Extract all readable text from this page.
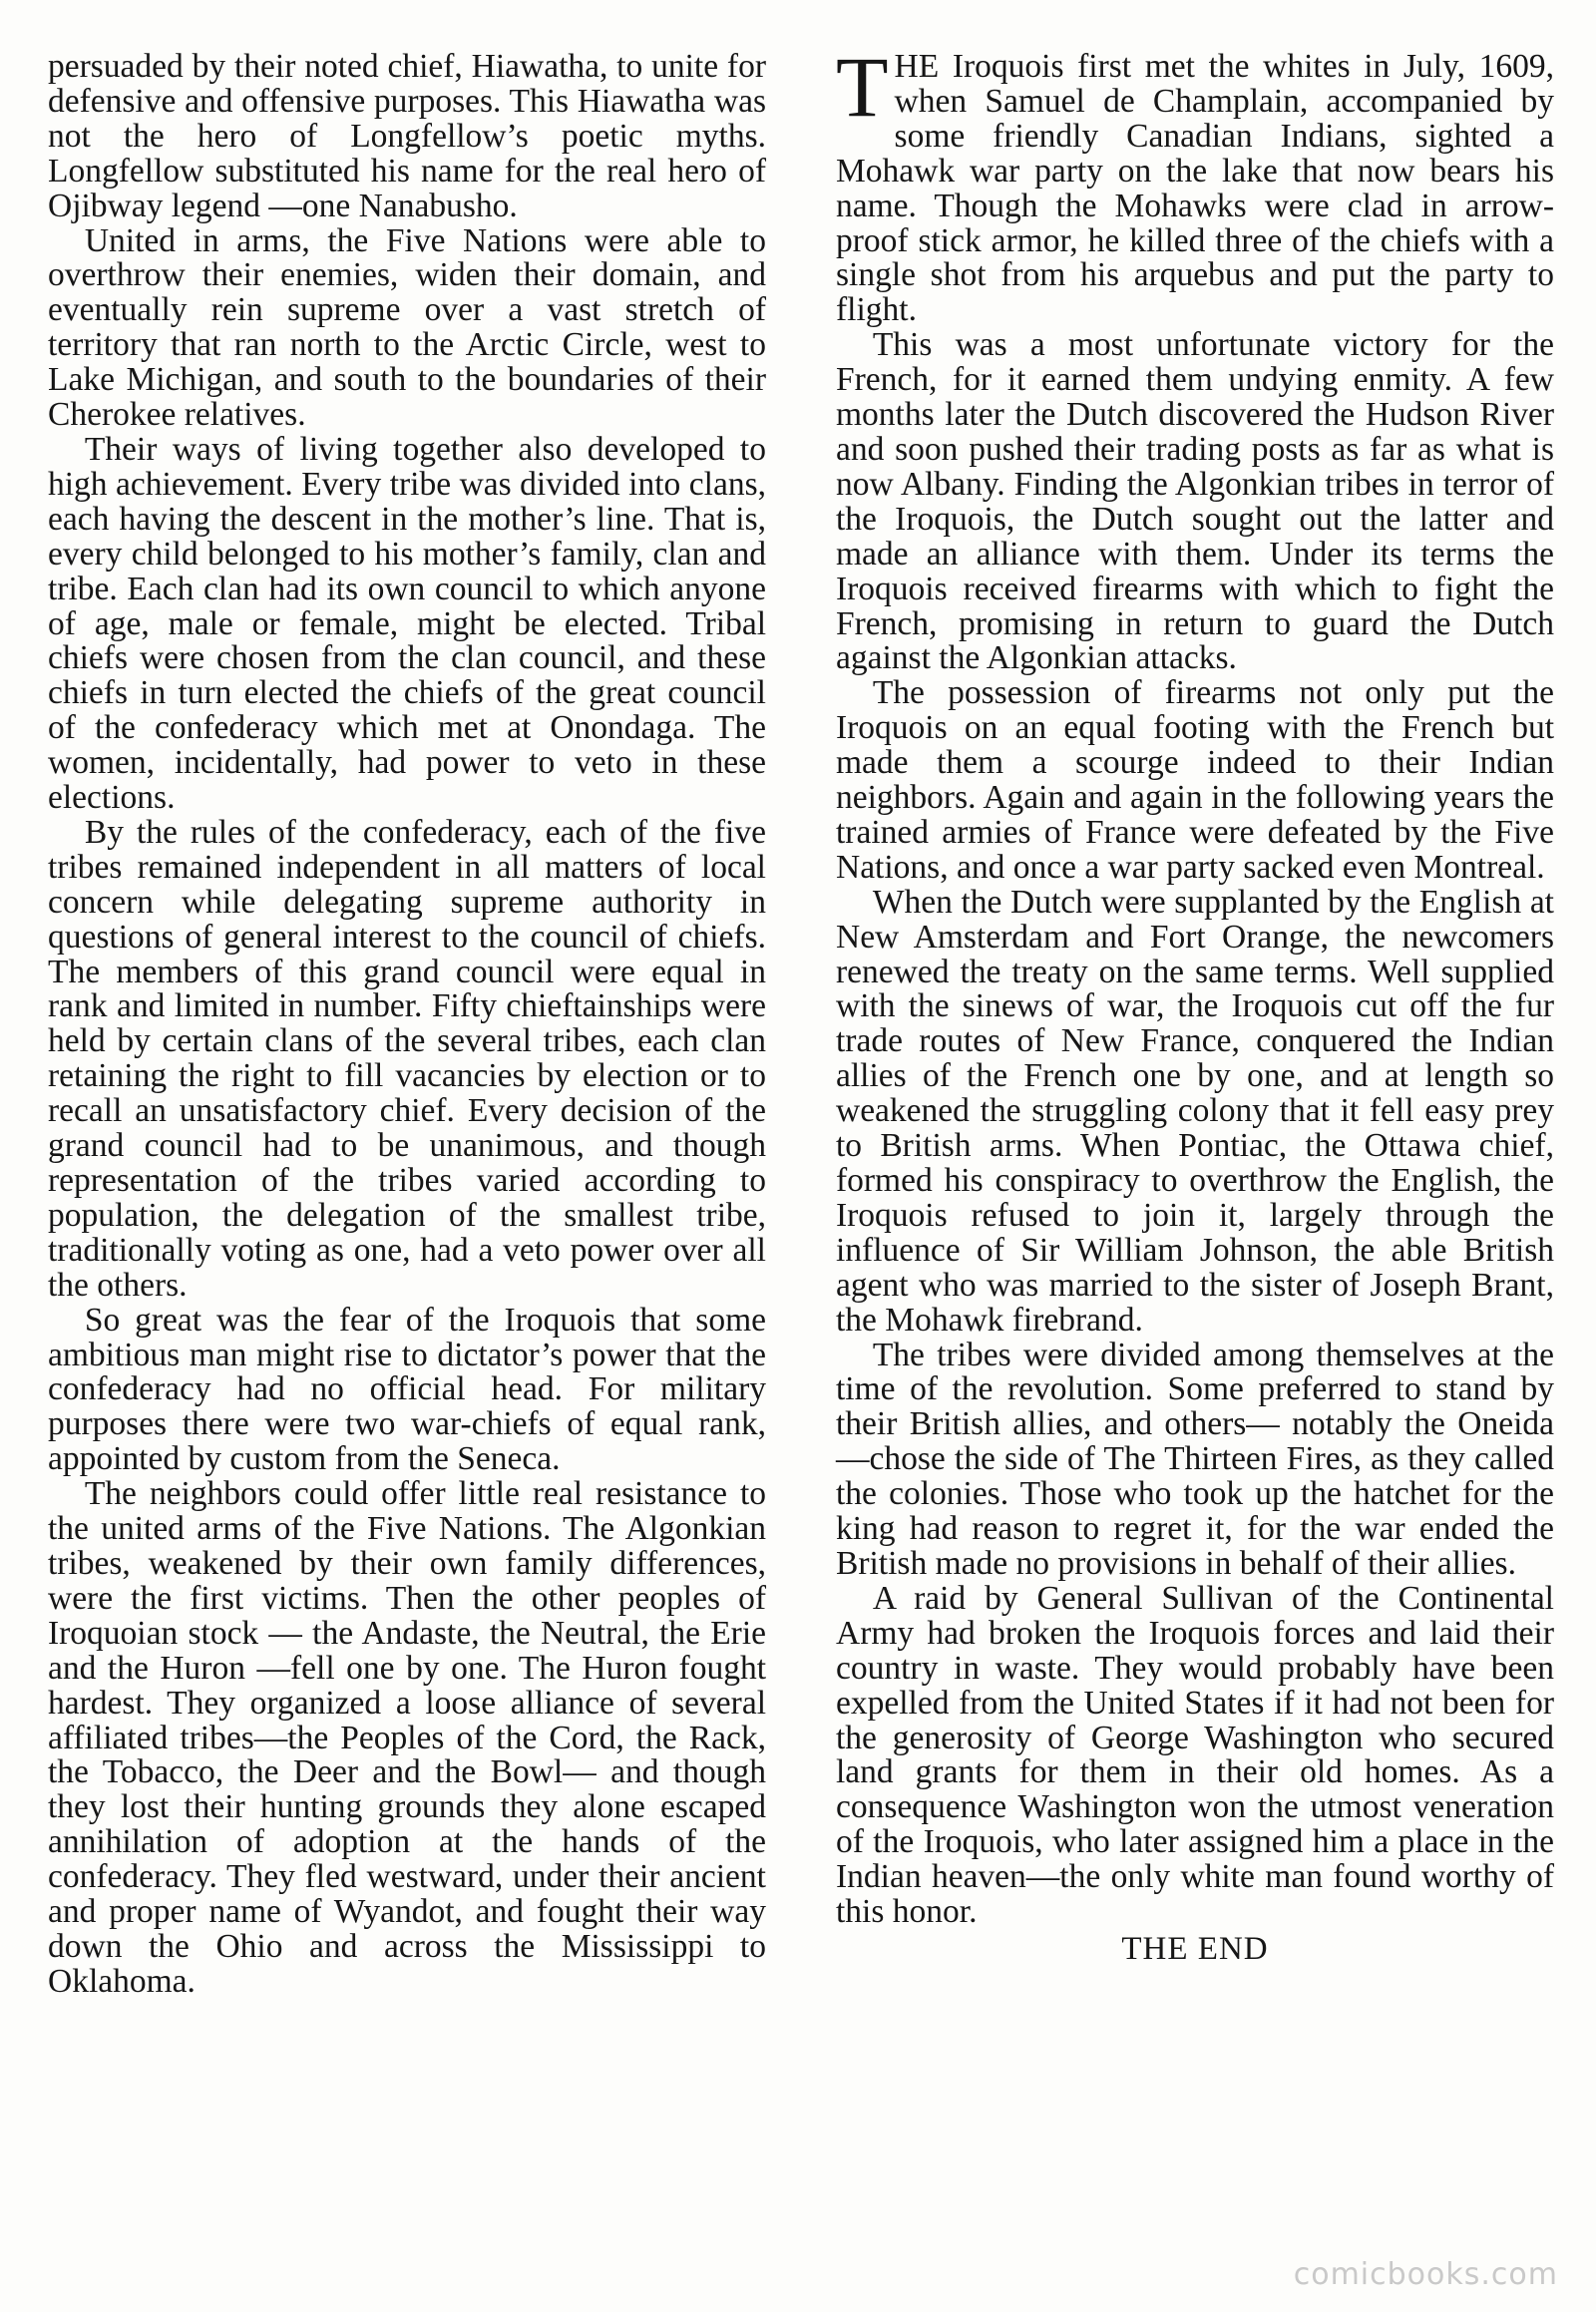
persuaded by their noted chief, Hiawatha, to unite for defensive and offensive purposes. This Hiawatha was not the hero of Longfellow’s poetic myths. Longfellow substituted his name for the real hero of Ojibway legend —one Nanabusho.

United in arms, the Five Nations were able to overthrow their enemies, widen their domain, and eventually rein supreme over a vast stretch of territory that ran north to the Arctic Circle, west to Lake Michigan, and south to the boundaries of their Cherokee relatives.

Their ways of living together also developed to high achievement. Every tribe was divided into clans, each having the descent in the mother’s line. That is, every child belonged to his mother’s family, clan and tribe. Each clan had its own council to which anyone of age, male or female, might be elected. Tribal chiefs were chosen from the clan council, and these chiefs in turn elected the chiefs of the great council of the confederacy which met at Onondaga. The women, incidentally, had power to veto in these elections.

By the rules of the confederacy, each of the five tribes remained independent in all matters of local concern while delegating supreme authority in questions of general interest to the council of chiefs. The members of this grand council were equal in rank and limited in number. Fifty chieftainships were held by certain clans of the several tribes, each clan retaining the right to fill vacancies by election or to recall an unsatisfactory chief. Every decision of the grand council had to be unanimous, and though representation of the tribes varied according to population, the delegation of the smallest tribe, traditionally voting as one, had a veto power over all the others.

So great was the fear of the Iroquois that some ambitious man might rise to dictator’s power that the confederacy had no official head. For military purposes there were two war-chiefs of equal rank, appointed by custom from the Seneca.

The neighbors could offer little real resistance to the united arms of the Five Nations. The Algonkian tribes, weakened by their own family differences, were the first victims. Then the other peoples of Iroquoian stock — the Andaste, the Neutral, the Erie and the Huron —fell one by one. The Huron fought hardest. They organized a loose alliance of several affiliated tribes—the Peoples of the Cord, the Rack, the Tobacco, the Deer and the Bowl— and though they lost their hunting grounds they alone escaped annihilation of adoption at the hands of the confederacy. They fled westward, under their ancient and proper name of Wyandot, and fought their way down the Ohio and across the Mississippi to Oklahoma.

THE Iroquois first met the whites in July, 1609, when Samuel de Champlain, accompanied by some friendly Canadian Indians, sighted a Mohawk war party on the lake that now bears his name. Though the Mohawks were clad in arrow-proof stick armor, he killed three of the chiefs with a single shot from his arquebus and put the party to flight.

This was a most unfortunate victory for the French, for it earned them undying enmity. A few months later the Dutch discovered the Hudson River and soon pushed their trading posts as far as what is now Albany. Finding the Algonkian tribes in terror of the Iroquois, the Dutch sought out the latter and made an alliance with them. Under its terms the Iroquois received firearms with which to fight the French, promising in return to guard the Dutch against the Algonkian attacks.

The possession of firearms not only put the Iroquois on an equal footing with the French but made them a scourge indeed to their Indian neighbors. Again and again in the following years the trained armies of France were defeated by the Five Nations, and once a war party sacked even Montreal.

When the Dutch were supplanted by the English at New Amsterdam and Fort Orange, the newcomers renewed the treaty on the same terms. Well supplied with the sinews of war, the Iroquois cut off the fur trade routes of New France, conquered the Indian allies of the French one by one, and at length so weakened the struggling colony that it fell easy prey to British arms. When Pontiac, the Ottawa chief, formed his conspiracy to overthrow the English, the Iroquois refused to join it, largely through the influence of Sir William Johnson, the able British agent who was married to the sister of Joseph Brant, the Mohawk firebrand.

The tribes were divided among themselves at the time of the revolution. Some preferred to stand by their British allies, and others— notably the Oneida—chose the side of The Thirteen Fires, as they called the colonies. Those who took up the hatchet for the king had reason to regret it, for the war ended the British made no provisions in behalf of their allies.

A raid by General Sullivan of the Continental Army had broken the Iroquois forces and laid their country in waste. They would probably have been expelled from the United States if it had not been for the generosity of George Washington who secured land grants for them in their old homes. As a consequence Washington won the utmost veneration of the Iroquois, who later assigned him a place in the Indian heaven—the only white man found worthy of this honor.

THE END
comicbooks.com
